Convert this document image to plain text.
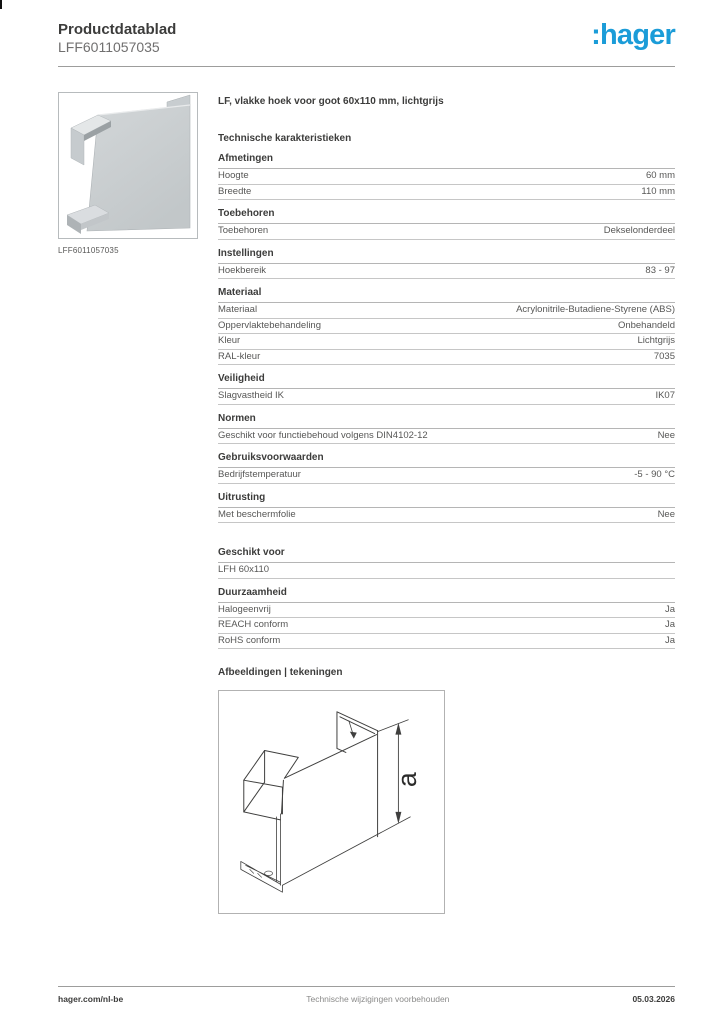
Productdatablad
LFF6011057035	:hager
LFF6011057035
LF, vlakke hoek voor goot 60x110 mm, lichtgrijs
Technische karakteristieken
Afmetingen
Hoogte	60 mm
Breedte	110 mm
Toebehoren
Toebehoren	Dekselonderdeel
Instellingen
Hoekbereik	83 - 97
Materiaal
Materiaal	Acrylonitrile-Butadiene-Styrene (ABS)
Oppervlaktebehandeling	Onbehandeld
Kleur	Lichtgrijs
RAL-kleur	7035
Veiligheid
Slagvastheid IK	IK07
Normen
Geschikt voor functiebehoud volgens DIN4102-12	Nee
Gebruiksvoorwaarden
Bedrijfstemperatuur	-5 - 90 °C
Uitrusting
Met beschermfolie	Nee
Geschikt voor
LFH 60x110
Duurzaamheid
Halogeenvrij	Ja
REACH conform	Ja
RoHS conform	Ja
Afbeeldingen | tekeningen
a
hager.com/nl-be	Technische wijzigingen voorbehouden	05.03.2026
